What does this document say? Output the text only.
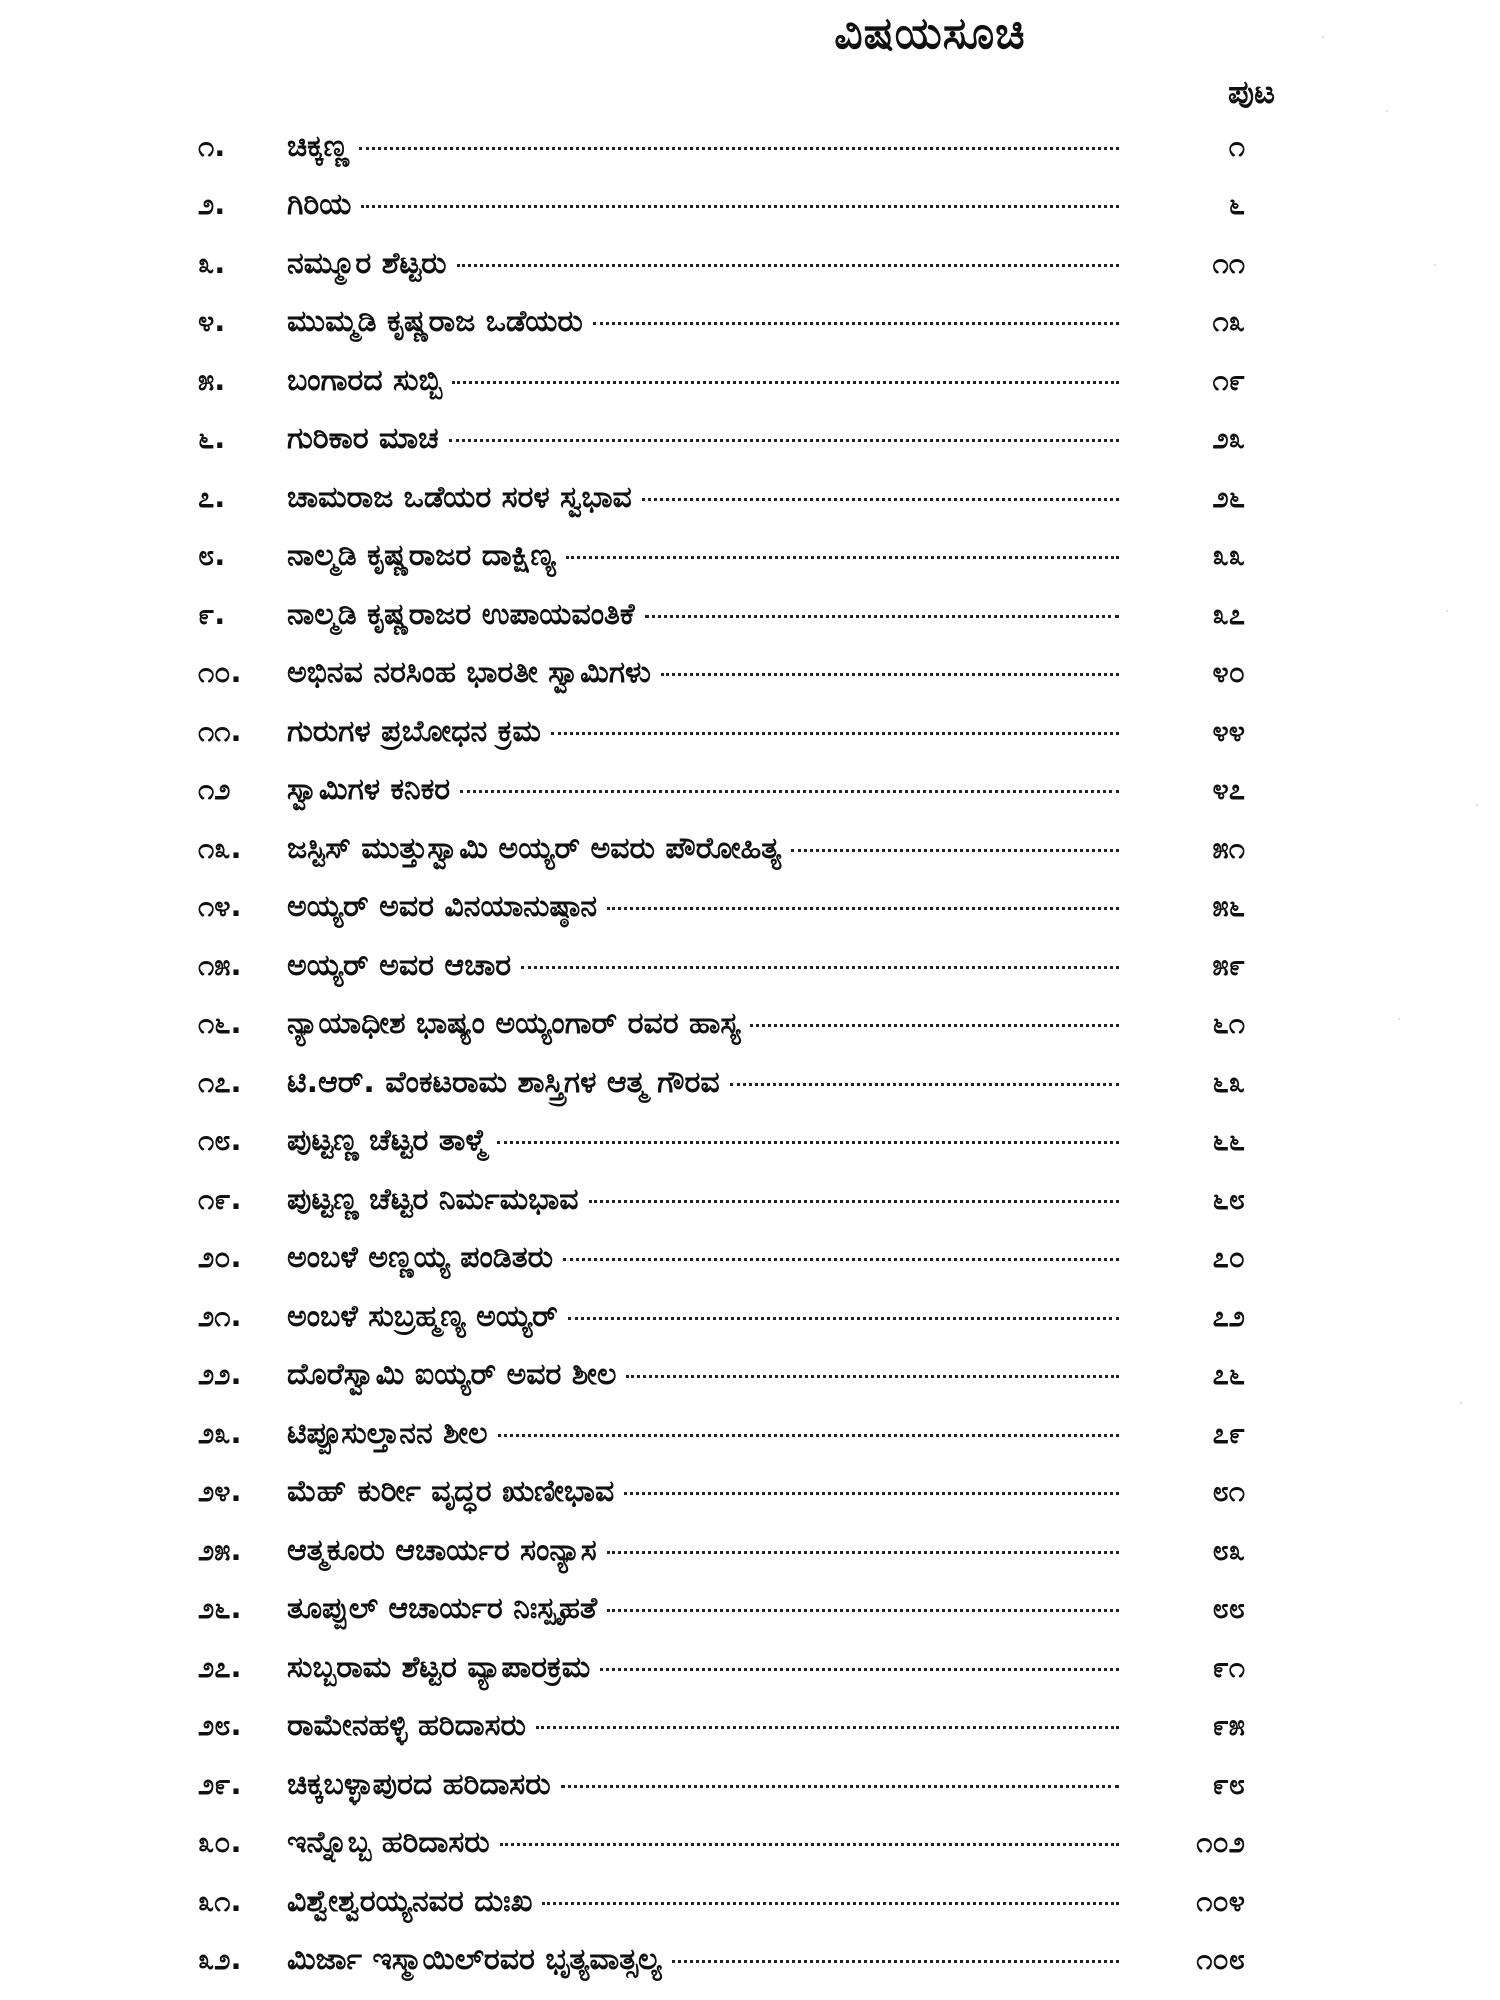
ವಿಷಯಸೂಚಿ
ಪುಟ
೧.	ಚಿಕ್ಕಣ್ಣ	೧
೨.	ಗಿರಿಯ	೬
೩.	ನಮ್ಮೂರ ಶೆಟ್ಟರು	೧೧
೪.	ಮುಮ್ಮಡಿ ಕೃಷ್ಣರಾಜ ಒಡೆಯರು	೧೩
೫.	ಬಂಗಾರದ ಸುಬ್ಬಿ	೧೯
೬.	ಗುರಿಕಾರ ಮಾಚ	೨೩
೭.	ಚಾಮರಾಜ ಒಡೆಯರ ಸರಳ ಸ್ವಭಾವ	೨೬
೮.	ನಾಲ್ಮಡಿ ಕೃಷ್ಣರಾಜರ ದಾಕ್ಷಿಣ್ಯ	೩೩
೯.	ನಾಲ್ಮಡಿ ಕೃಷ್ಣರಾಜರ ಉಪಾಯವಂತಿಕೆ	೩೭
೧೦.	ಅಭಿನವ ನರಸಿಂಹ ಭಾರತೀ ಸ್ವಾಮಿಗಳು	೪೦
೧೧.	ಗುರುಗಳ ಪ್ರಬೋಧನ ಕ್ರಮ	೪೪
೧೨	ಸ್ವಾಮಿಗಳ ಕನಿಕರ	೪೭
೧೩.	ಜಸ್ಟಿಸ್ ಮುತ್ತುಸ್ವಾಮಿ ಅಯ್ಯರ್ ಅವರು ಪೌರೋಹಿತ್ಯ	೫೧
೧೪.	ಅಯ್ಯರ್ ಅವರ ವಿನಯಾನುಷ್ಠಾನ	೫೬
೧೫.	ಅಯ್ಯರ್ ಅವರ ಆಚಾರ	೫೯
೧೬.	ನ್ಯಾಯಾಧೀಶ ಭಾಷ್ಯಂ ಅಯ್ಯಂಗಾರ್ ರವರ ಹಾಸ್ಯ	೬೧
೧೭.	ಟಿ.ಆರ್. ವೆಂಕಟರಾಮ ಶಾಸ್ತ್ರಿಗಳ ಆತ್ಮ ಗೌರವ	೬೩
೧೮.	ಪುಟ್ಟಣ್ಣ ಚೆಟ್ಟರ ತಾಳ್ಮೆ	೬೬
೧೯.	ಪುಟ್ಟಣ್ಣ ಚೆಟ್ಟರ ನಿರ್ಮಮಭಾವ	೬೮
೨೦.	ಅಂಬಳೆ ಅಣ್ಣಯ್ಯ ಪಂಡಿತರು	೭೦
೨೧.	ಅಂಬಳೆ ಸುಬ್ರಹ್ಮಣ್ಯ ಅಯ್ಯರ್	೭೨
೨೨.	ದೊರೆಸ್ವಾಮಿ ಐಯ್ಯರ್ ಅವರ ಶೀಲ	೭೬
೨೩.	ಟಿಪ್ಪೂಸುಲ್ತಾನನ ಶೀಲ	೭೯
೨೪.	ಮೆಹ್ ಕುರ್ರೀ ವೃದ್ಧರ ಋಣೀಭಾವ	೮೧
೨೫.	ಆತ್ಮಕೂರು ಆಚಾರ್ಯರ ಸಂನ್ಯಾಸ	೮೩
೨೬.	ತೂಪ್ಪುಲ್ ಆಚಾರ್ಯರ ನಿಃಸ್ಪೃಹತೆ	೮೮
೨೭.	ಸುಬ್ಬರಾಮ ಶೆಟ್ಟರ ವ್ಯಾಪಾರಕ್ರಮ	೯೧
೨೮.	ರಾಮೇನಹಳ್ಳಿ ಹರಿದಾಸರು	೯೫
೨೯.	ಚಿಕ್ಕಬಳ್ಳಾಪುರದ ಹರಿದಾಸರು	೯೮
೩೦.	ಇನ್ನೊಬ್ಬ ಹರಿದಾಸರು	೧೦೨
೩೧.	ವಿಶ್ವೇಶ್ವರಯ್ಯನವರ ದುಃಖ	೧೦೪
೩೨.	ಮಿರ್ಜಾ ಇಸ್ಮಾಯಿಲ್‌ರವರ ಭೃತ್ಯವಾತ್ಸಲ್ಯ	೧೦೮
